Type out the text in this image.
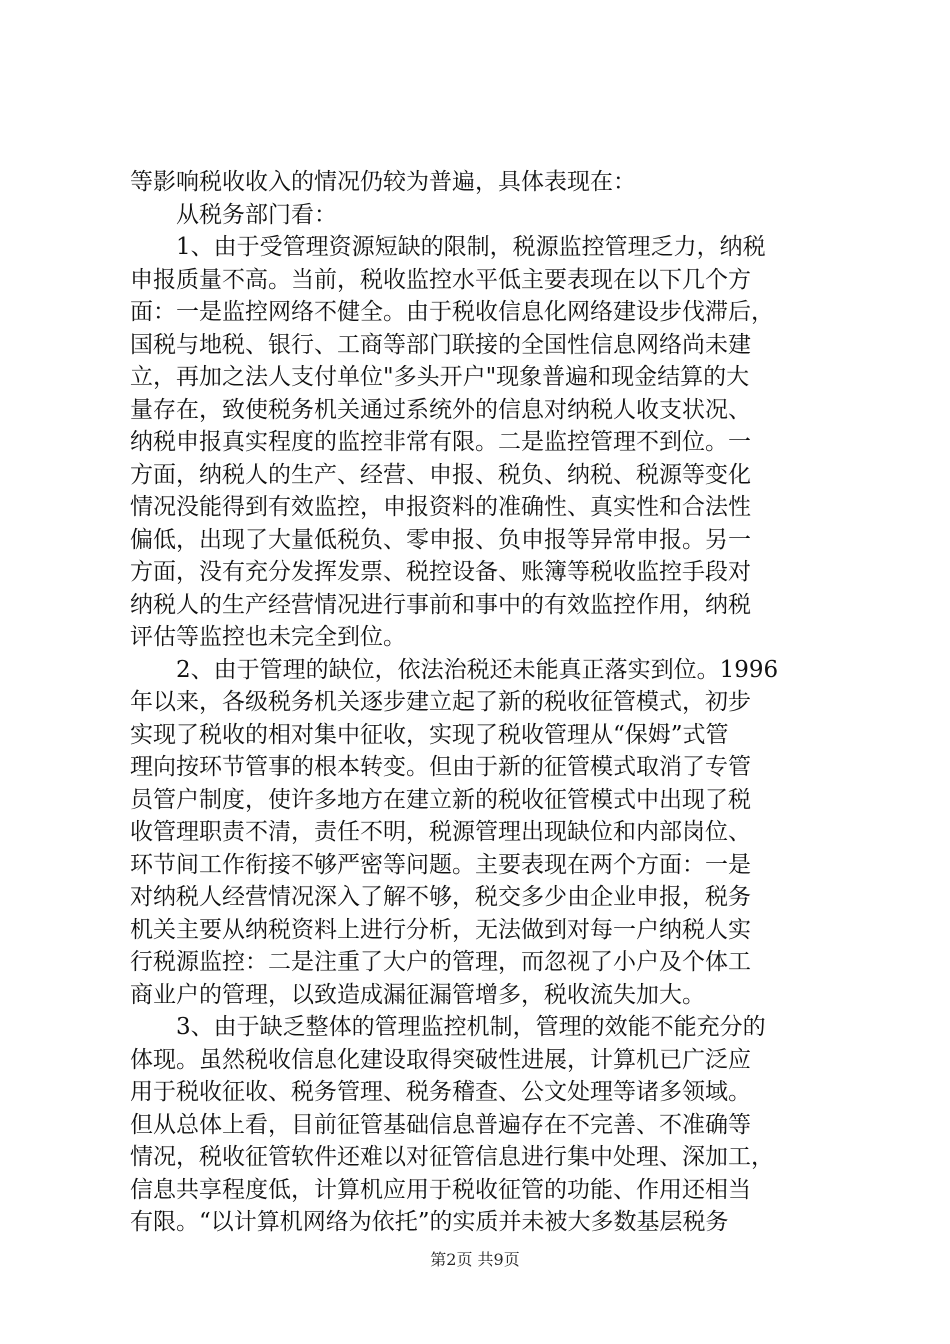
等影响税收收入的情况仍较为普遍，具体表现在：
　　从税务部门看：
　　1、由于受管理资源短缺的限制，税源监控管理乏力，纳税
申报质量不高。当前，税收监控水平低主要表现在以下几个方
面：一是监控网络不健全。由于税收信息化网络建设步伐滞后，
国税与地税、银行、工商等部门联接的全国性信息网络尚未建
立，再加之法人支付单位"多头开户"现象普遍和现金结算的大
量存在，致使税务机关通过系统外的信息对纳税人收支状况、
纳税申报真实程度的监控非常有限。二是监控管理不到位。一
方面，纳税人的生产、经营、申报、税负、纳税、税源等变化
情况没能得到有效监控，申报资料的准确性、真实性和合法性
偏低，出现了大量低税负、零申报、负申报等异常申报。另一
方面，没有充分发挥发票、税控设备、账簿等税收监控手段对
纳税人的生产经营情况进行事前和事中的有效监控作用，纳税
评估等监控也未完全到位。
　　2、由于管理的缺位，依法治税还未能真正落实到位。1996
年以来，各级税务机关逐步建立起了新的税收征管模式，初步
实现了税收的相对集中征收，实现了税收管理从“保姆”式管
理向按环节管事的根本转变。但由于新的征管模式取消了专管
员管户制度，使许多地方在建立新的税收征管模式中出现了税
收管理职责不清，责任不明，税源管理出现缺位和内部岗位、
环节间工作衔接不够严密等问题。主要表现在两个方面：一是
对纳税人经营情况深入了解不够，税交多少由企业申报，税务
机关主要从纳税资料上进行分析，无法做到对每一户纳税人实
行税源监控：二是注重了大户的管理，而忽视了小户及个体工
商业户的管理，以致造成漏征漏管增多，税收流失加大。
　　3、由于缺乏整体的管理监控机制，管理的效能不能充分的
体现。虽然税收信息化建设取得突破性进展，计算机已广泛应
用于税收征收、税务管理、税务稽查、公文处理等诸多领域。
但从总体上看，目前征管基础信息普遍存在不完善、不准确等
情况，税收征管软件还难以对征管信息进行集中处理、深加工，
信息共享程度低，计算机应用于税收征管的功能、作用还相当
有限。“以计算机网络为依托”的实质并未被大多数基层税务
第2页 共9页
